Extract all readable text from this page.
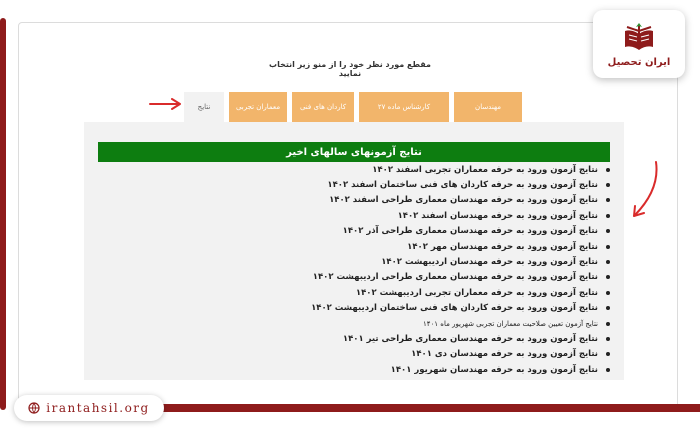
ایران تحصیل
irantahsil.org
مقطع مورد نظر خود را از منو زیر انتخاب نمایید
مهندسان
کارشناس ماده ۲۷
کاردان های فنی
معماران تجربی
نتایج
نتایج آزمونهای سالهای اخیر
نتایج آزمون ورود به حرفه معماران تجربی اسفند ۱۴۰۲
نتایج آزمون ورود به حرفه کاردان های فنی ساختمان اسفند ۱۴۰۲
نتایج آزمون ورود به حرفه مهندسان معماری طراحی اسفند ۱۴۰۲
نتایج آزمون ورود به حرفه مهندسان اسفند ۱۴۰۲
نتایج آزمون ورود به حرفه مهندسان معماری طراحی آذر ۱۴۰۲
نتایج آزمون ورود به حرفه مهندسان مهر ۱۴۰۲
نتایج آزمون ورود به حرفه مهندسان اردیبهشت ۱۴۰۲
نتایج آزمون ورود به حرفه مهندسان معماری طراحی اردیبهشت ۱۴۰۲
نتایج آزمون ورود به حرفه معماران تجربی اردیبهشت ۱۴۰۲
نتایج آزمون ورود به حرفه کاردان های فنی ساختمان اردیبهشت ۱۴۰۲
نتایج آزمون تعیین صلاحیت معماران تجربی شهریور ماه ۱۴۰۱
نتایج آزمون ورود به حرفه مهندسان معماری طراحی تیر ۱۴۰۱
نتایج آزمون ورود به حرفه مهندسان دی ۱۴۰۱
نتایج آزمون ورود به حرفه مهندسان شهریور ۱۴۰۱
